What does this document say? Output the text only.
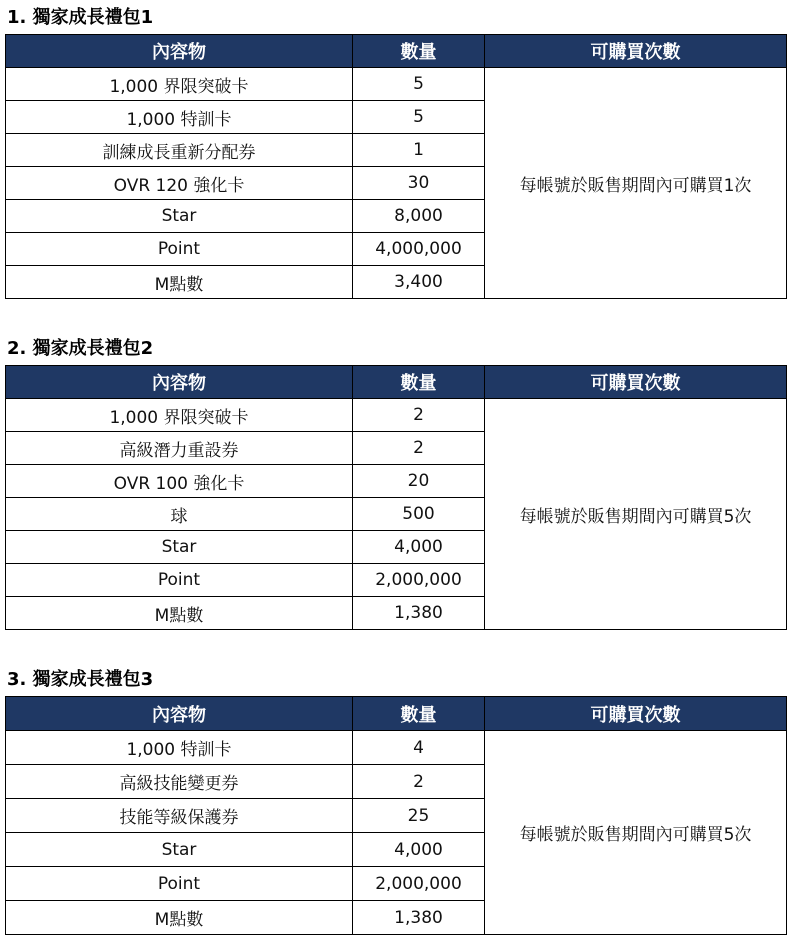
1. 獨家成長禮包1
內容物	數量	可購買次數
1,000 界限突破卡	5	每帳號於販售期間內可購買1次
1,000 特訓卡	5	
訓練成長重新分配券	1	
OVR 120 強化卡	30	
Star	8,000	
Point	4,000,000	
M點數	3,400	
2. 獨家成長禮包2
內容物	數量	可購買次數
1,000 界限突破卡	2	每帳號於販售期間內可購買5次
高級潛力重設券	2	
OVR 100 強化卡	20	
球	500	
Star	4,000	
Point	2,000,000	
M點數	1,380	
3. 獨家成長禮包3
內容物	數量	可購買次數
1,000 特訓卡	4	每帳號於販售期間內可購買5次
高級技能變更券	2	
技能等級保護券	25	
Star	4,000	
Point	2,000,000	
M點數	1,380	
